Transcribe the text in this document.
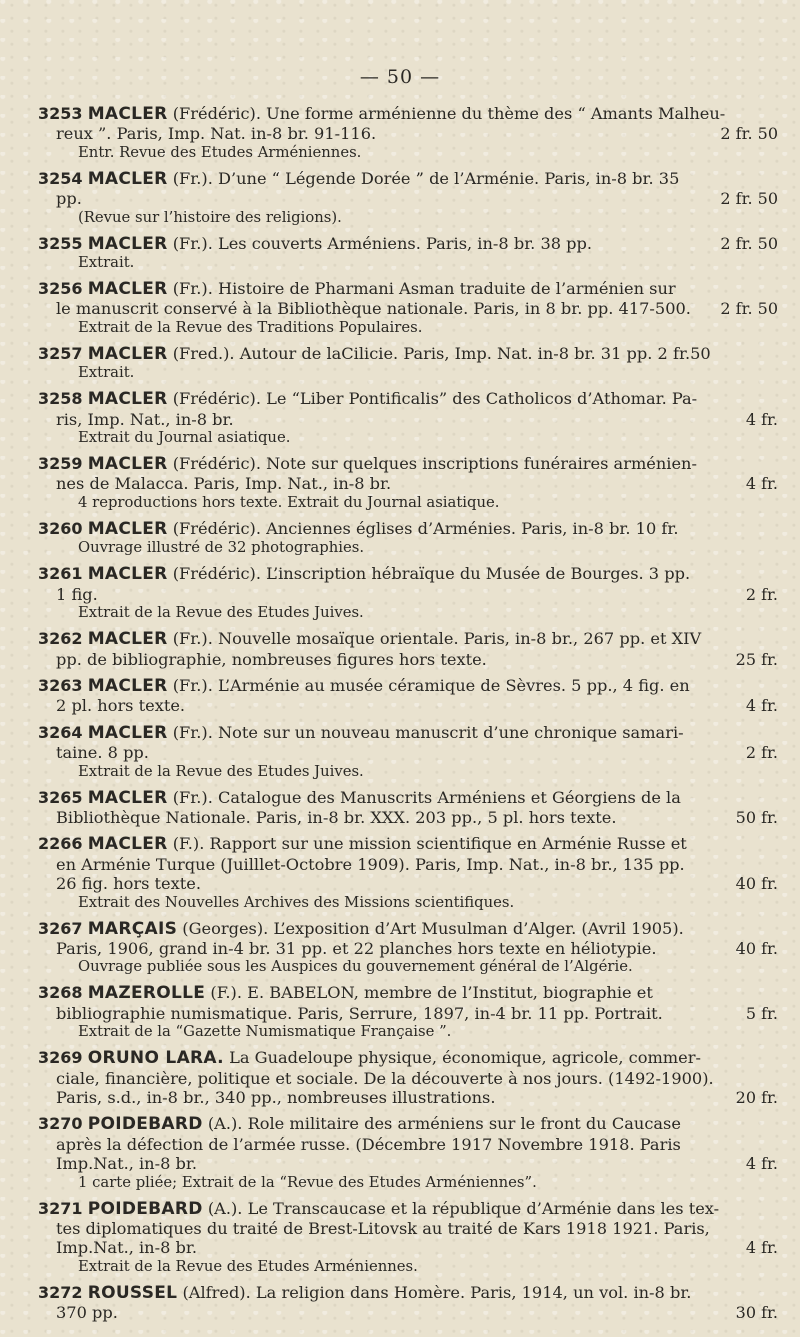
— 50 —
3253 MACLER (Frédéric). Une forme arménienne du thème des “ Amants Malheu-
2 fr. 50
reux ”. Paris, Imp. Nat. in-8 br. 91-116.
Entr. Revue des Etudes Arméniennes.
3254 MACLER (Fr.). D’une “ Légende Dorée ” de l’Arménie. Paris, in-8 br. 35
2 fr. 50
pp.
(Revue sur l’histoire des religions).
2 fr. 50
3255 MACLER (Fr.). Les couverts Arméniens. Paris, in-8 br. 38 pp.
Extrait.
3256 MACLER (Fr.). Histoire de Pharmani Asman traduite de l’arménien sur
2 fr. 50
le manuscrit conservé à la Bibliothèque nationale. Paris, in 8 br. pp. 417-500.
Extrait de la Revue des Traditions Populaires.
3257 MACLER (Fred.). Autour de laCilicie. Paris, Imp. Nat. in-8 br. 31 pp. 2 fr.50
Extrait.
3258 MACLER (Frédéric). Le “Liber Pontificalis” des Catholicos d’Athomar. Pa-
4 fr.
ris, Imp. Nat., in-8 br.
Extrait du Journal asiatique.
3259 MACLER (Frédéric). Note sur quelques inscriptions funéraires arménien-
4 fr.
nes de Malacca. Paris, Imp. Nat., in-8 br.
4 reproductions hors texte. Extrait du Journal asiatique.
3260 MACLER (Frédéric). Anciennes églises d’Arménies. Paris, in-8 br. 10 fr.
Ouvrage illustré de 32 photographies.
3261 MACLER (Frédéric). L’inscription hébraïque du Musée de Bourges. 3 pp.
2 fr.
1 fig.
Extrait de la Revue des Etudes Juives.
3262 MACLER (Fr.). Nouvelle mosaïque orientale. Paris, in-8 br., 267 pp. et XIV
25 fr.
pp. de bibliographie, nombreuses figures hors texte.
3263 MACLER (Fr.). L’Arménie au musée céramique de Sèvres. 5 pp., 4 fig. en
4 fr.
2 pl. hors texte.
3264 MACLER (Fr.). Note sur un nouveau manuscrit d’une chronique samari-
2 fr.
taine. 8 pp.
Extrait de la Revue des Etudes Juives.
3265 MACLER (Fr.). Catalogue des Manuscrits Arméniens et Géorgiens de la
50 fr.
Bibliothèque Nationale. Paris, in-8 br. XXX. 203 pp., 5 pl. hors texte.
2266 MACLER (F.). Rapport sur une mission scientifique en Arménie Russe et
en Arménie Turque (Juilllet-Octobre 1909). Paris, Imp. Nat., in-8 br., 135 pp.
40 fr.
26 fig. hors texte.
Extrait des Nouvelles Archives des Missions scientifiques.
3267 MARÇAIS (Georges). L’exposition d’Art Musulman d’Alger. (Avril 1905).
40 fr.
Paris, 1906, grand in-4 br. 31 pp. et 22 planches hors texte en héliotypie.
Ouvrage publiée sous les Auspices du gouvernement général de l’Algérie.
3268 MAZEROLLE (F.). E. BABELON, membre de l’Institut, biographie et
5 fr.
bibliographie numismatique. Paris, Serrure, 1897, in-4 br. 11 pp. Portrait.
Extrait de la “Gazette Numismatique Française ”.
3269 ORUNO LARA. La Guadeloupe physique, économique, agricole, commer-
ciale, financière, politique et sociale. De la découverte à nos jours. (1492-1900).
20 fr.
Paris, s.d., in-8 br., 340 pp., nombreuses illustrations.
3270 POIDEBARD (A.). Role militaire des arméniens sur le front du Caucase
après la défection de l’armée russe. (Décembre 1917 Novembre 1918. Paris
4 fr.
Imp.Nat., in-8 br.
1 carte pliée; Extrait de la “Revue des Etudes Arméniennes”.
3271 POIDEBARD (A.). Le Transcaucase et la république d’Arménie dans les tex-
tes diplomatiques du traité de Brest-Litovsk au traité de Kars 1918 1921. Paris,
4 fr.
Imp.Nat., in-8 br.
Extrait de la Revue des Etudes Arméniennes.
3272 ROUSSEL (Alfred). La religion dans Homère. Paris, 1914, un vol. in-8 br.
30 fr.
370 pp.
